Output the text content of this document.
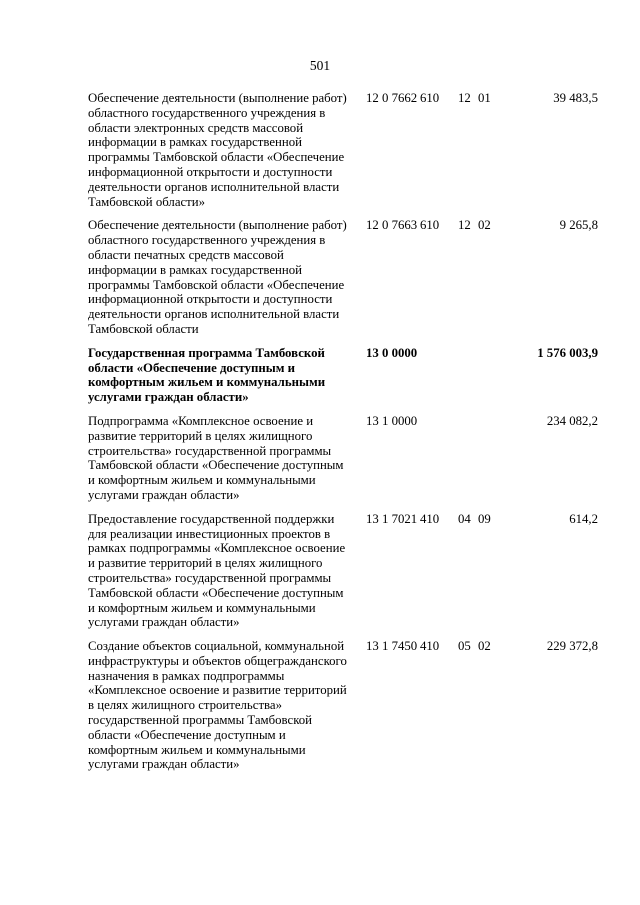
501
Обеспечение деятельности (выполнение работ) областного государственного учреждения в области электронных средств массовой информации в рамках государственной программы Тамбовской области «Обеспечение информационной открытости и доступности деятельности органов исполнительной власти Тамбовской области»	12 0 7662	610	12 01	39 483,5
Обеспечение деятельности (выполнение работ) областного государственного учреждения в области печатных средств массовой информации в рамках государственной программы Тамбовской области «Обеспечение информационной открытости и доступности деятельности органов исполнительной власти Тамбовской области	12 0 7663	610	12 02	9 265,8
Государственная программа Тамбовской области «Обеспечение доступным и комфортным жильем и коммунальными услугами граждан области»	13 0 0000			1 576 003,9
Подпрограмма «Комплексное освоение и развитие территорий в целях жилищного строительства» государственной программы Тамбовской области «Обеспечение доступным и комфортным жильем и коммунальными услугами граждан области»	13 1 0000			234 082,2
Предоставление государственной поддержки для реализации инвестиционных проектов в рамках подпрограммы «Комплексное освоение и развитие территорий в целях жилищного строительства» государственной программы Тамбовской области «Обеспечение доступным и комфортным жильем и коммунальными услугами граждан области»	13 1 7021	410	04 09	614,2
Создание объектов социальной, коммунальной инфраструктуры и объектов общегражданского назначения в рамках подпрограммы «Комплексное освоение и развитие территорий в целях жилищного строительства» государственной программы Тамбовской области «Обеспечение доступным и комфортным жильем и коммунальными услугами граждан области»	13 1 7450	410	05 02	229 372,8
